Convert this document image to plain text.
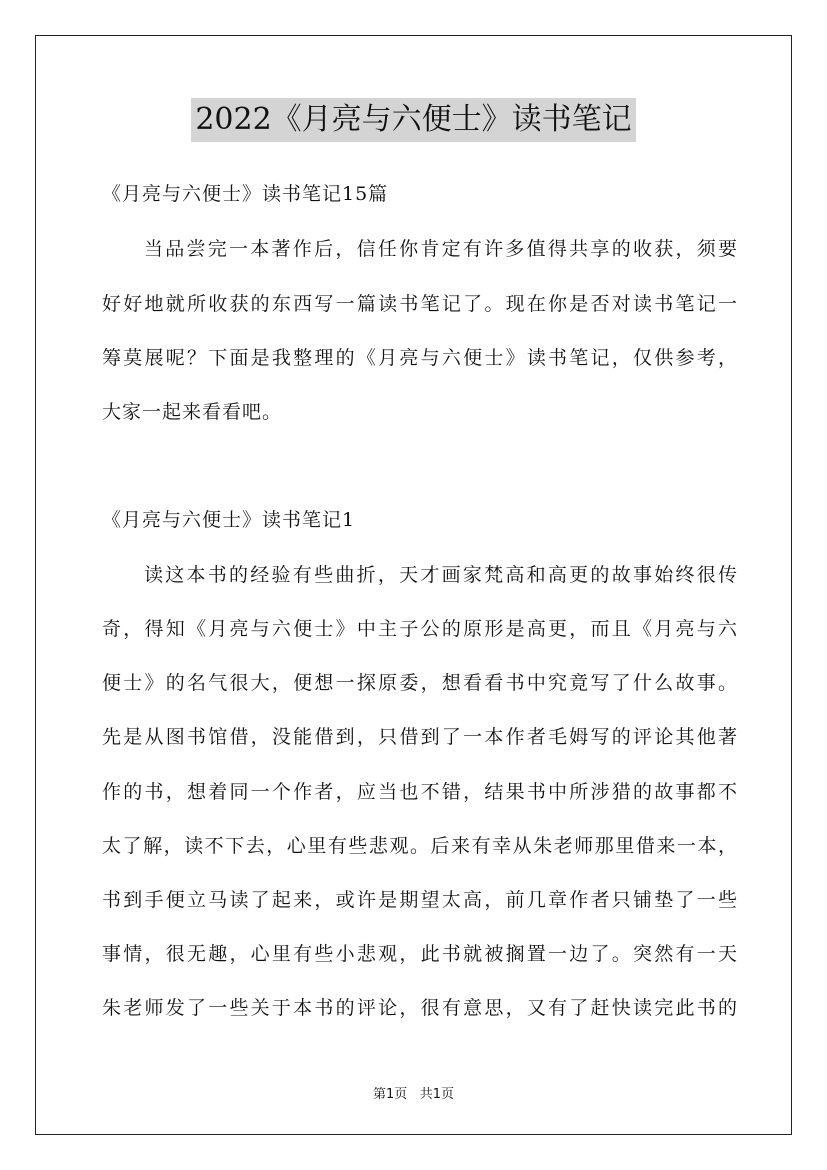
2022《月亮与六便士》读书笔记
《月亮与六便士》读书笔记15篇
当品尝完一本著作后，信任你肯定有许多值得共享的收获，须要
好好地就所收获的东西写一篇读书笔记了。现在你是否对读书笔记一
筹莫展呢？下面是我整理的《月亮与六便士》读书笔记，仅供参考，
大家一起来看看吧。
《月亮与六便士》读书笔记1
读这本书的经验有些曲折，天才画家梵高和高更的故事始终很传
奇，得知《月亮与六便士》中主子公的原形是高更，而且《月亮与六
便士》的名气很大，便想一探原委，想看看书中究竟写了什么故事。
先是从图书馆借，没能借到，只借到了一本作者毛姆写的评论其他著
作的书，想着同一个作者，应当也不错，结果书中所涉猎的故事都不
太了解，读不下去，心里有些悲观。后来有幸从朱老师那里借来一本，
书到手便立马读了起来，或许是期望太高，前几章作者只铺垫了一些
事情，很无趣，心里有些小悲观，此书就被搁置一边了。突然有一天
朱老师发了一些关于本书的评论，很有意思，又有了赶快读完此书的
第1页 共1页
